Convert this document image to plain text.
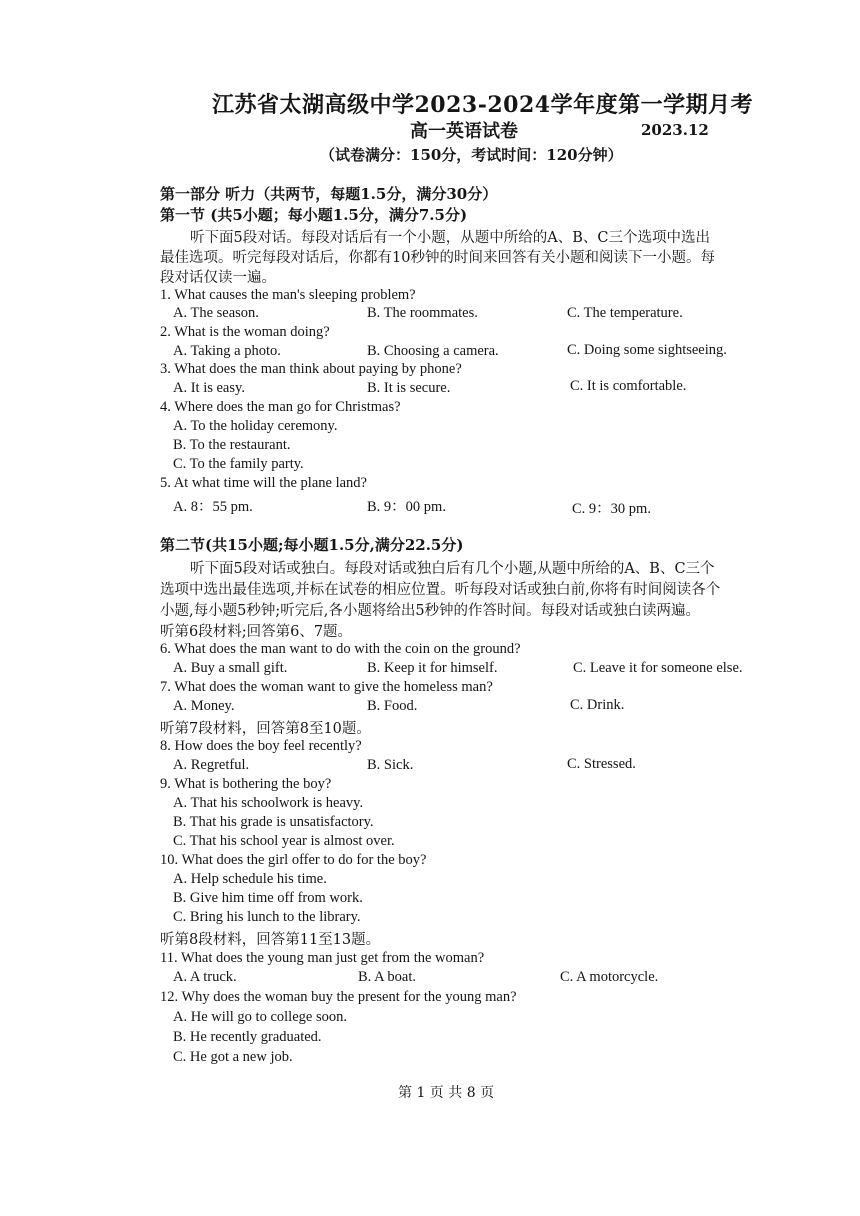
江苏省太湖高级中学2023-2024学年度第一学期月考
高一英语试卷	2023.12
（试卷满分：150分，考试时间：120分钟）
第一部分 听力（共两节，每题1.5分，满分30分）
第一节 (共5小题；每小题1.5分，满分7.5分)
听下面5段对话。每段对话后有一个小题，从题中所给的A、B、C三个选项中选出
最佳选项。听完每段对话后，你都有10秒钟的时间来回答有关小题和阅读下一小题。每
段对话仅读一遍。
1. What causes the man's sleeping problem?
A. The season.	B. The roommates.	C. The temperature.
2. What is the woman doing?
A. Taking a photo.	B. Choosing a camera.	C. Doing some sightseeing.
3. What does the man think about paying by phone?
A. It is easy.	B. It is secure.	C. It is comfortable.
4. Where does the man go for Christmas?
A. To the holiday ceremony.
B. To the restaurant.
C. To the family party.
5. At what time will the plane land?
A. 8：55 pm.	B. 9：00 pm.	C. 9：30 pm.
第二节(共15小题;每小题1.5分,满分22.5分)
听下面5段对话或独白。每段对话或独白后有几个小题,从题中所给的A、B、C三个
选项中选出最佳选项,并标在试卷的相应位置。听每段对话或独白前,你将有时间阅读各个
小题,每小题5秒钟;听完后,各小题将给出5秒钟的作答时间。每段对话或独白读两遍。
听第6段材料;回答第6、7题。
6. What does the man want to do with the coin on the ground?
A. Buy a small gift.	B. Keep it for himself.	C. Leave it for someone else.
7. What does the woman want to give the homeless man?
A. Money.	B. Food.	C. Drink.
听第7段材料，回答第8至10题。
8. How does the boy feel recently?
A. Regretful.	B. Sick.	C. Stressed.
9. What is bothering the boy?
A. That his schoolwork is heavy.
B. That his grade is unsatisfactory.
C. That his school year is almost over.
10. What does the girl offer to do for the boy?
A. Help schedule his time.
B. Give him time off from work.
C. Bring his lunch to the library.
听第8段材料，回答第11至13题。
11. What does the young man just get from the woman?
A. A truck.	B. A boat.	C. A motorcycle.
12. Why does the woman buy the present for the young man?
A. He will go to college soon.
B. He recently graduated.
C. He got a new job.
第 1 页 共 8 页
